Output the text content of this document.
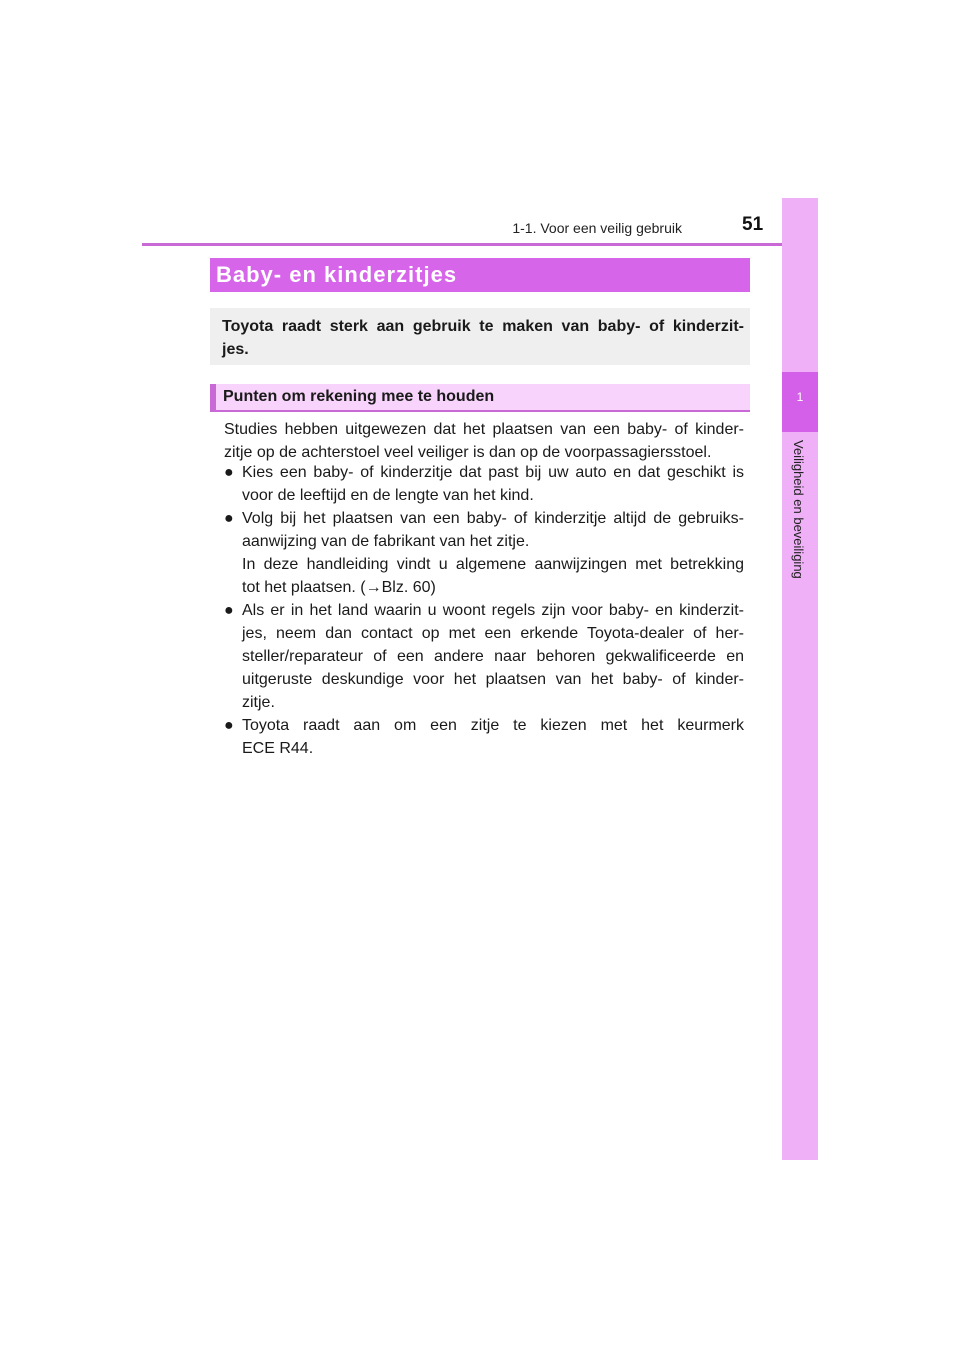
1-1. Voor een veilig gebruik	51
1
Veiligheid en beveiliging
Baby- en kinderzitjes
Toyota raadt sterk aan gebruik te maken van baby- of kinderzit-
jes.
Punten om rekening mee te houden
Studies hebben uitgewezen dat het plaatsen van een baby- of kinder-
zitje op de achterstoel veel veiliger is dan op de voorpassagiersstoel.
● Kies een baby- of kinderzitje dat past bij uw auto en dat geschikt is
voor de leeftijd en de lengte van het kind.
● Volg bij het plaatsen van een baby- of kinderzitje altijd de gebruiks-
aanwijzing van de fabrikant van het zitje.
In deze handleiding vindt u algemene aanwijzingen met betrekking
tot het plaatsen. (→Blz. 60)
● Als er in het land waarin u woont regels zijn voor baby- en kinderzit-
jes, neem dan contact op met een erkende Toyota-dealer of her-
steller/reparateur of een andere naar behoren gekwalificeerde en
uitgeruste deskundige voor het plaatsen van het baby- of kinder-
zitje.
● Toyota raadt aan om een zitje te kiezen met het keurmerk
ECE R44.
